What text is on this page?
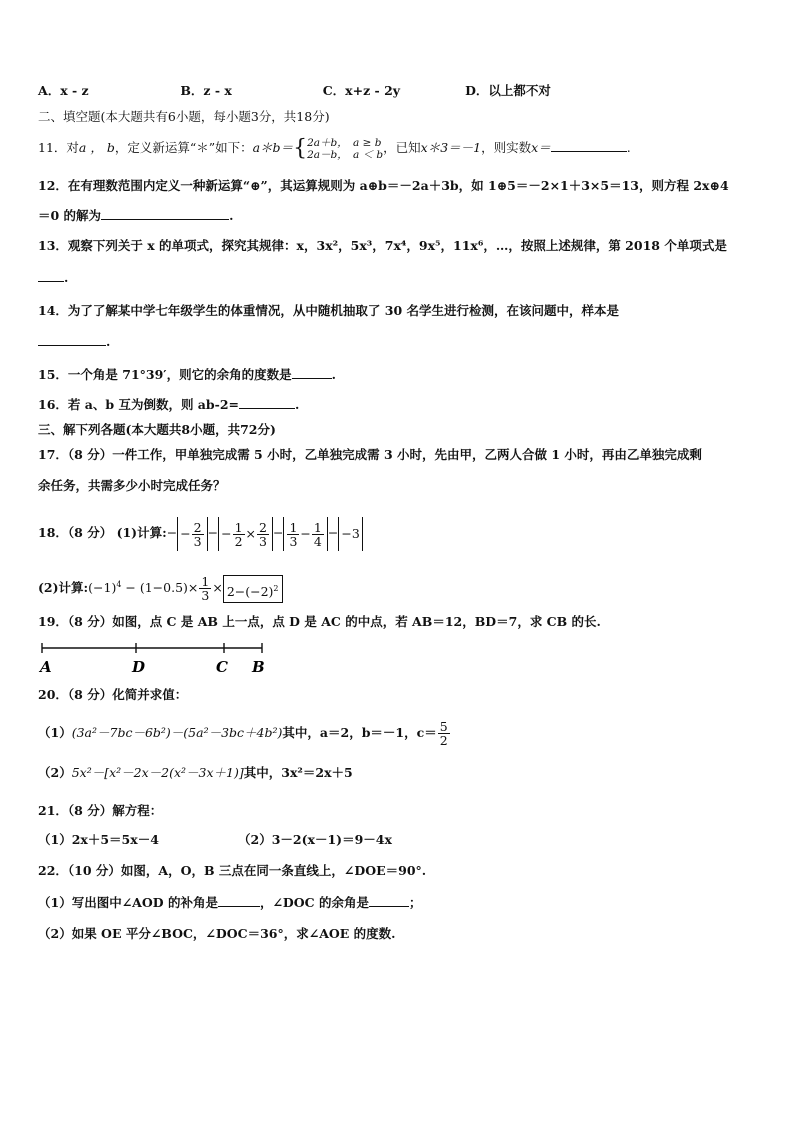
A．x - z	B．z - x	C．x+z - 2y	D．以上都不对
二、填空题(本大题共有6小题，每小题3分，共18分)
11．对a ， b，定义新运算“＊”如下：a＊b＝{ 2a＋b，　a ≥ b
2a－b，　a ＜ b ，已知x＊3＝－1，则实数x＝	.
12．在有理数范围内定义一种新运算“⊕”，其运算规则为 a⊕b＝－2a＋3b，如 1⊕5＝－2×1＋3×5＝13，则方程 2x⊕4
＝0 的解为	.
13．观察下列关于 x 的单项式，探究其规律：x，3x²，5x³，7x⁴，9x⁵，11x⁶，…，按照上述规律，第 2018 个单项式是
.
14．为了了解某中学七年级学生的体重情况，从中随机抽取了 30 名学生进行检测，在该问题中，样本是
.
15．一个角是 71°39′，则它的余角的度数是	.
16．若 a、b 互为倒数，则 ab-2=	.
三、解下列各题(本大题共8小题，共72分)
17．（8 分）一件工作，甲单独完成需 5 小时，乙单独完成需 3 小时，先由甲，乙两人合做 1 小时，再由乙单独完成剩
余任务，共需多少小时完成任务？
18．（8 分） (1)计算:− − $\frac{2}{3}$ − − $\frac{1}{2} \times \frac{2}{3} - \frac{1}{3} - \frac{1}{4} - -3$
(2)计算$:(-1)^4 - (1-0.5)\times \frac{1}{3} \times 2-(-2)^2$
19．（8 分）如图，点 C 是 AB 上一点，点 D 是 AC 的中点，若 AB＝12，BD＝7，求 CB 的长.
A	D	C B
20．（8 分）化简并求值：
（1）(3a²－7bc－6b²)－(5a²－3bc＋4b²)其中，a＝2，b＝－1，$c= \frac{5}{2}$
（2）5x²－[x²－2x－2(x²－3x＋1)]其中，3x²＝2x＋5
21．（8 分）解方程：
（1）2x＋5＝5x－4	（2）3－2(x－1)＝9－4x
22．（10 分）如图，A，O，B 三点在同一条直线上，∠DOE＝90°.
（1）写出图中∠AOD 的补角是	，∠DOC 的余角是	；
（2）如果 OE 平分∠BOC，∠DOC＝36°，求∠AOE 的度数.
